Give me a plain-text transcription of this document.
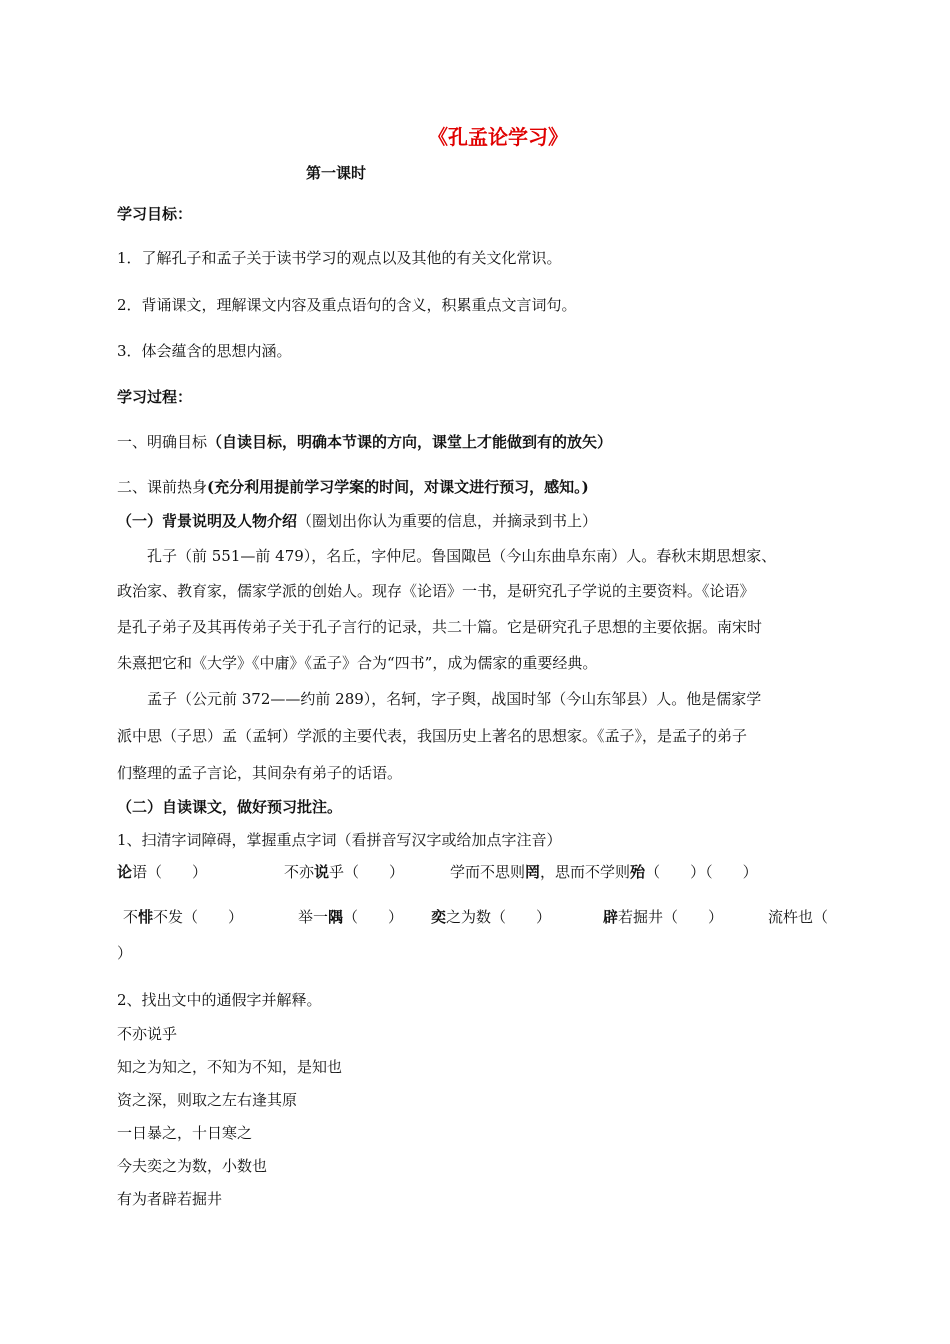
《孔孟论学习》
第一课时
学习目标：
1．了解孔子和孟子关于读书学习的观点以及其他的有关文化常识。
2．背诵课文，理解课文内容及重点语句的含义，积累重点文言词句。
3．体会蕴含的思想内涵。
学习过程：
一、明确目标（自读目标，明确本节课的方向，课堂上才能做到有的放矢）
二、课前热身(充分利用提前学习学案的时间，对课文进行预习，感知。)
（一）背景说明及人物介绍（圈划出你认为重要的信息，并摘录到书上）
孔子（前 551—前 479），名丘，字仲尼。鲁国陬邑（今山东曲阜东南）人。春秋末期思想家、
政治家、教育家，儒家学派的创始人。现存《论语》一书，是研究孔子学说的主要资料。《论语》
是孔子弟子及其再传弟子关于孔子言行的记录，共二十篇。它是研究孔子思想的主要依据。南宋时
朱熹把它和《大学》《中庸》《孟子》合为“四书”，成为儒家的重要经典。
孟子（公元前 372——约前 289），名轲，字子舆，战国时邹（今山东邹县）人。他是儒家学
派中思（子思）孟（孟轲）学派的主要代表，我国历史上著名的思想家。《孟子》，是孟子的弟子
们整理的孟子言论，其间杂有弟子的话语。
（二）自读课文，做好预习批注。
1、扫清字词障碍，掌握重点字词（看拼音写汉字或给加点字注音）
论语（　　）	不亦说乎（　　）	学而不思则罔，思而不学则殆（　　）（　　）
不悱不发（　　）	举一隅（　　） 奕之为数（　　）	辟若掘井（　　）	流杵也（
）
2、找出文中的通假字并解释。
不亦说乎
知之为知之，不知为不知，是知也
资之深，则取之左右逢其原
一日暴之，十日寒之
今夫奕之为数，小数也
有为者辟若掘井
